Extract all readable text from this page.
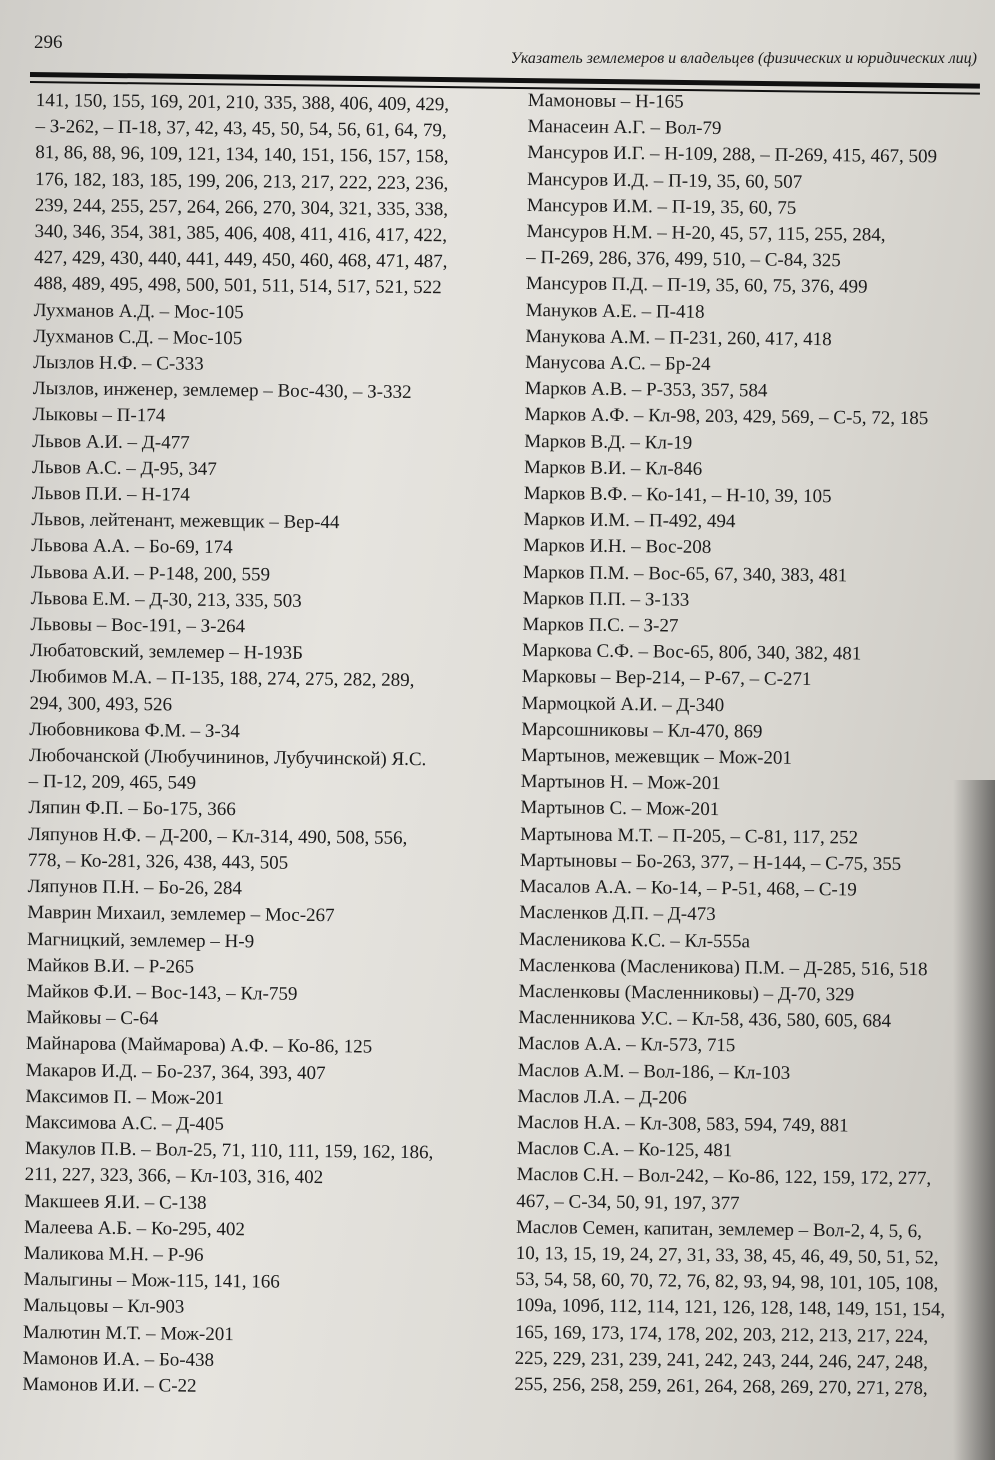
296
Указатель землемеров и владельцев (физических и юридических лиц)
141, 150, 155, 169, 201, 210, 335, 388, 406, 409, 429,
– З-262, – П-18, 37, 42, 43, 45, 50, 54, 56, 61, 64, 79,
81, 86, 88, 96, 109, 121, 134, 140, 151, 156, 157, 158,
176, 182, 183, 185, 199, 206, 213, 217, 222, 223, 236,
239, 244, 255, 257, 264, 266, 270, 304, 321, 335, 338,
340, 346, 354, 381, 385, 406, 408, 411, 416, 417, 422,
427, 429, 430, 440, 441, 449, 450, 460, 468, 471, 487,
488, 489, 495, 498, 500, 501, 511, 514, 517, 521, 522
Лухманов А.Д. – Мос-105
Лухманов С.Д. – Мос-105
Лызлов Н.Ф. – С-333
Лызлов, инженер, землемер – Вос-430, – З-332
Лыковы – П-174
Львов А.И. – Д-477
Львов А.С. – Д-95, 347
Львов П.И. – Н-174
Львов, лейтенант, межевщик – Вер-44
Львова А.А. – Бо-69, 174
Львова А.И. – Р-148, 200, 559
Львова Е.М. – Д-30, 213, 335, 503
Львовы – Вос-191, – З-264
Любатовский, землемер – Н-193Б
Любимов М.А. – П-135, 188, 274, 275, 282, 289,
294, 300, 493, 526
Любовникова Ф.М. – З-34
Любочанской (Любучининов, Лубучинской) Я.С.
– П-12, 209, 465, 549
Ляпин Ф.П. – Бо-175, 366
Ляпунов Н.Ф. – Д-200, – Кл-314, 490, 508, 556,
778, – Ко-281, 326, 438, 443, 505
Ляпунов П.Н. – Бо-26, 284
Маврин Михаил, землемер – Мос-267
Магницкий, землемер – Н-9
Майков В.И. – Р-265
Майков Ф.И. – Вос-143, – Кл-759
Майковы – С-64
Майнарова (Маймарова) А.Ф. – Ко-86, 125
Макаров И.Д. – Бо-237, 364, 393, 407
Максимов П. – Мож-201
Максимова А.С. – Д-405
Макулов П.В. – Вол-25, 71, 110, 111, 159, 162, 186,
211, 227, 323, 366, – Кл-103, 316, 402
Макшеев Я.И. – С-138
Малеева А.Б. – Ко-295, 402
Маликова М.Н. – Р-96
Малыгины – Мож-115, 141, 166
Мальцовы – Кл-903
Малютин М.Т. – Мож-201
Мамонов И.А. – Бо-438
Мамонов И.И. – С-22
Мамоновы – Н-165
Манасеин А.Г. – Вол-79
Мансуров И.Г. – Н-109, 288, – П-269, 415, 467, 509
Мансуров И.Д. – П-19, 35, 60, 507
Мансуров И.М. – П-19, 35, 60, 75
Мансуров Н.М. – Н-20, 45, 57, 115, 255, 284,
– П-269, 286, 376, 499, 510, – С-84, 325
Мансуров П.Д. – П-19, 35, 60, 75, 376, 499
Мануков А.Е. – П-418
Манукова А.М. – П-231, 260, 417, 418
Манусова А.С. – Бр-24
Марков А.В. – Р-353, 357, 584
Марков А.Ф. – Кл-98, 203, 429, 569, – С-5, 72, 185
Марков В.Д. – Кл-19
Марков В.И. – Кл-846
Марков В.Ф. – Ко-141, – Н-10, 39, 105
Марков И.М. – П-492, 494
Марков И.Н. – Вос-208
Марков П.М. – Вос-65, 67, 340, 383, 481
Марков П.П. – З-133
Марков П.С. – З-27
Маркова С.Ф. – Вос-65, 80б, 340, 382, 481
Марковы – Вер-214, – Р-67, – С-271
Мармоцкой А.И. – Д-340
Марсошниковы – Кл-470, 869
Мартынов, межевщик – Мож-201
Мартынов Н. – Мож-201
Мартынов С. – Мож-201
Мартынова М.Т. – П-205, – С-81, 117, 252
Мартыновы – Бо-263, 377, – Н-144, – С-75, 355
Масалов А.А. – Ко-14, – Р-51, 468, – С-19
Масленков Д.П. – Д-473
Масленикова К.С. – Кл-555а
Масленкова (Масленикова) П.М. – Д-285, 516, 518
Масленковы (Масленниковы) – Д-70, 329
Масленникова У.С. – Кл-58, 436, 580, 605, 684
Маслов А.А. – Кл-573, 715
Маслов А.М. – Вол-186, – Кл-103
Маслов Л.А. – Д-206
Маслов Н.А. – Кл-308, 583, 594, 749, 881
Маслов С.А. – Ко-125, 481
Маслов С.Н. – Вол-242, – Ко-86, 122, 159, 172, 277,
467, – С-34, 50, 91, 197, 377
Маслов Семен, капитан, землемер – Вол-2, 4, 5, 6,
10, 13, 15, 19, 24, 27, 31, 33, 38, 45, 46, 49, 50, 51, 52,
53, 54, 58, 60, 70, 72, 76, 82, 93, 94, 98, 101, 105, 108,
109а, 109б, 112, 114, 121, 126, 128, 148, 149, 151, 154,
165, 169, 173, 174, 178, 202, 203, 212, 213, 217, 224,
225, 229, 231, 239, 241, 242, 243, 244, 246, 247, 248,
255, 256, 258, 259, 261, 264, 268, 269, 270, 271, 278,
